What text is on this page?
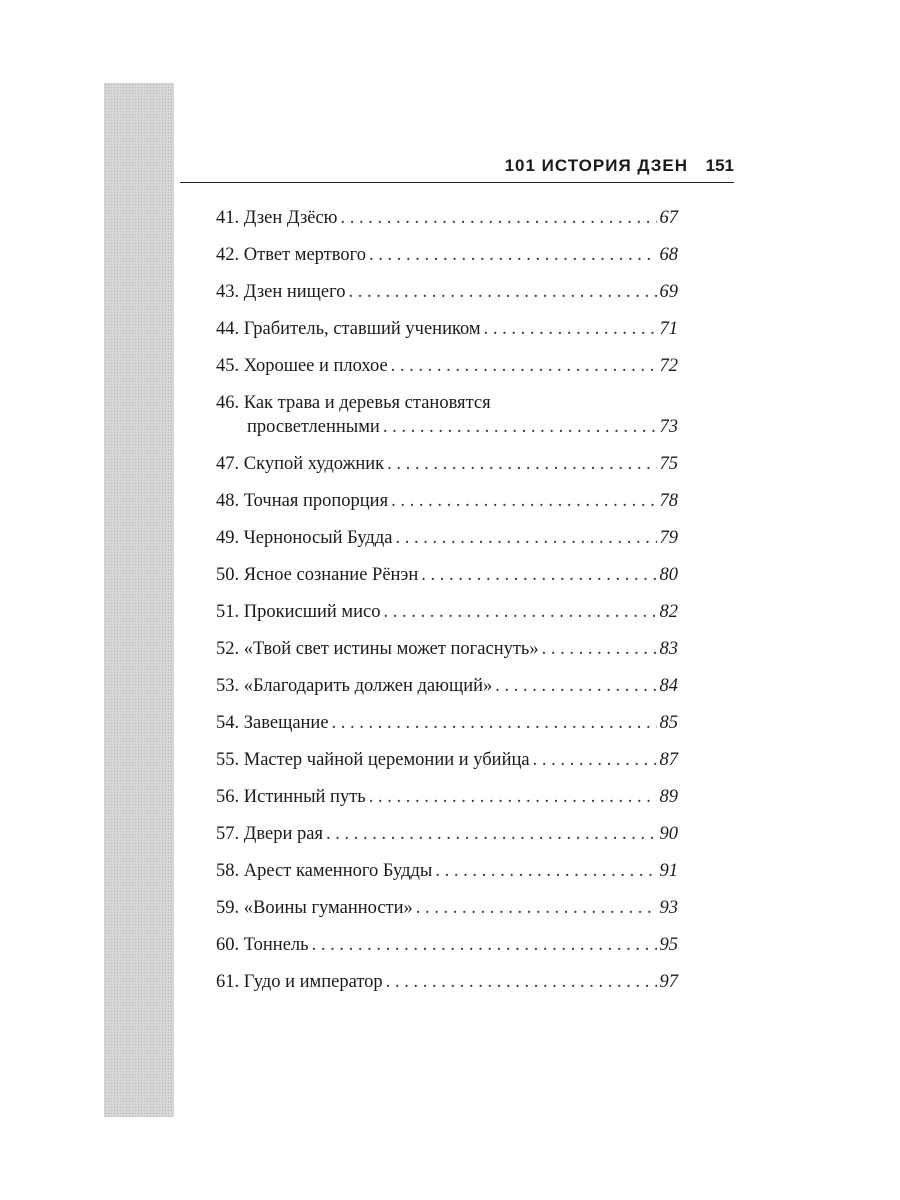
101 ИСТОРИЯ ДЗЕН 151
41. Дзен Дзёсю . . .	67
42. Ответ мертвого . . .	68
43. Дзен нищего . . .	69
44. Грабитель, ставший учеником . . .	71
45. Хорошее и плохое . . .	72
46. Как трава и деревья становятся
просветленными . . .	73
47. Скупой художник . . .	75
48. Точная пропорция . . .	78
49. Черноносый Будда . . .	79
50. Ясное сознание Рёнэн . . .	80
51. Прокисший мисо . . .	82
52. «Твой свет истины может погаснуть» . . .	83
53. «Благодарить должен дающий» . . .	84
54. Завещание . . .	85
55. Мастер чайной церемонии и убийца . . .	87
56. Истинный путь . . .	89
57. Двери рая . . .	90
58. Арест каменного Будды . . .	91
59. «Воины гуманности» . . .	93
60. Тоннель . . .	95
61. Гудо и император . . .	97
